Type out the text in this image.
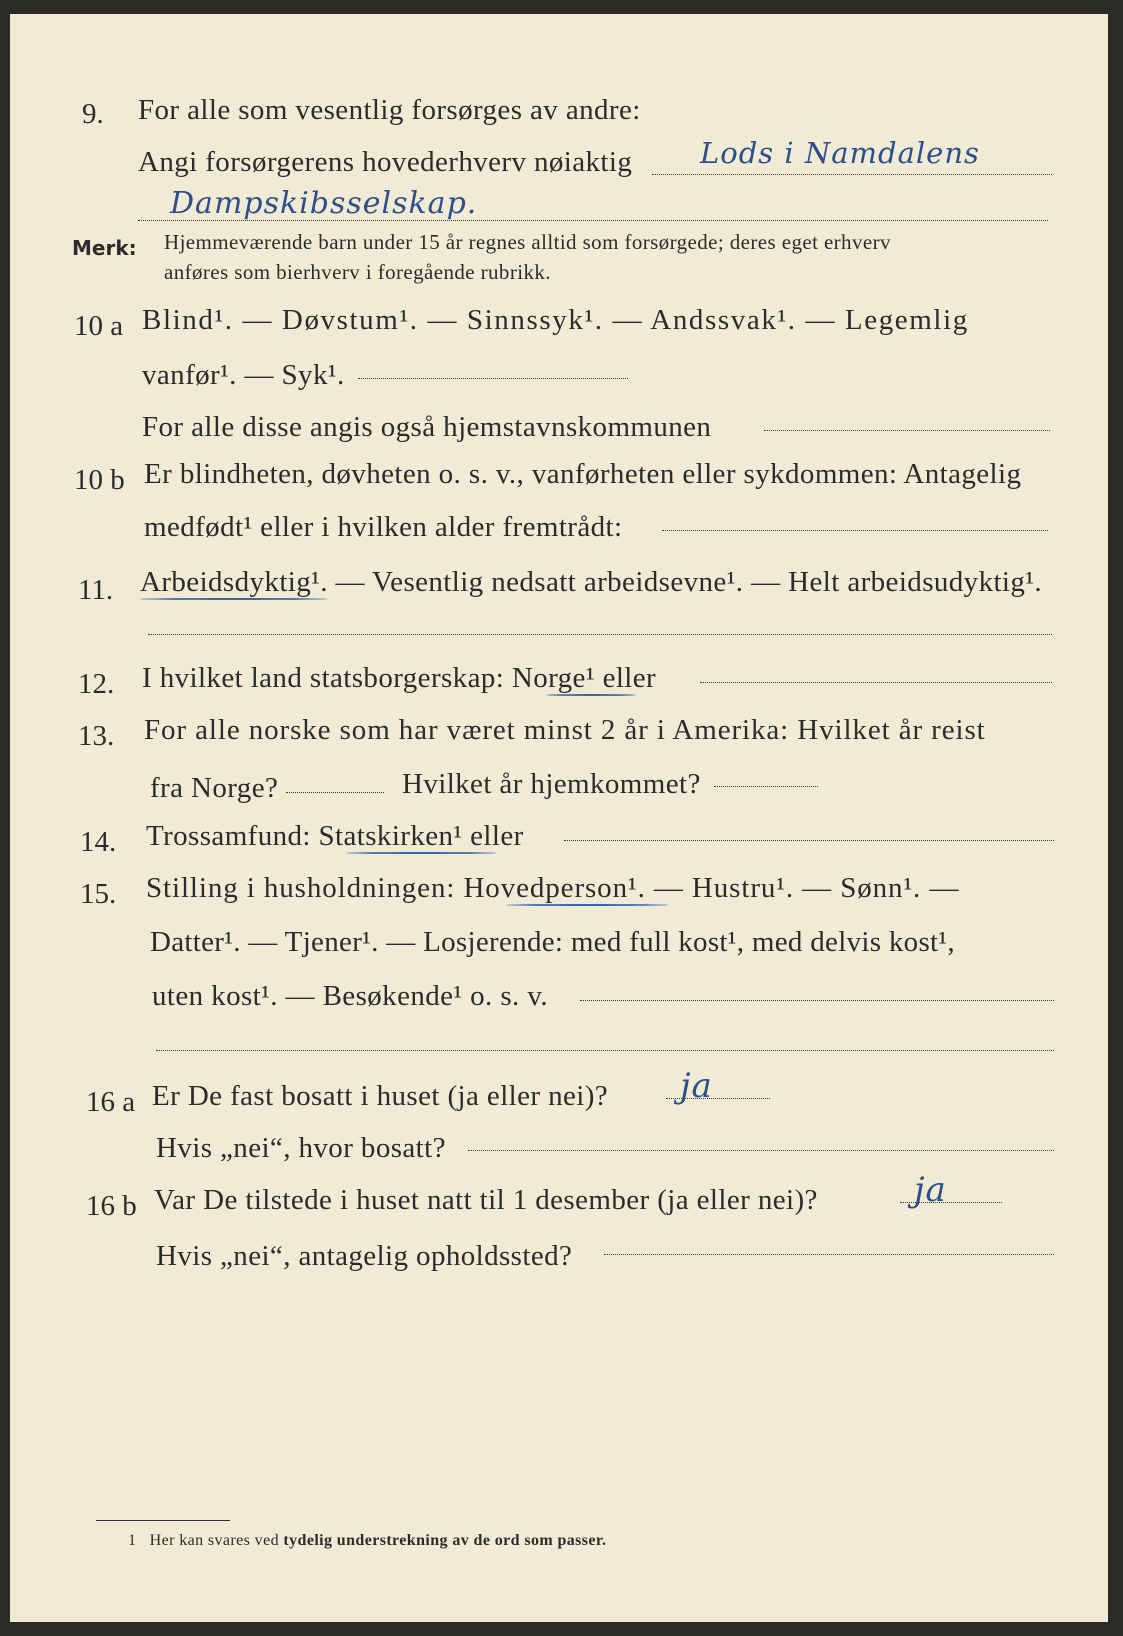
9. For alle som vesentlig forsørges av andre:
Angi forsørgerens hovederhverv nøiaktig Lods i Namdalens
Dampskibsselskap.
Merk: Hjemmeværende barn under 15 år regnes alltid som forsørgede; deres eget erhverv
anføres som bierhverv i foregående rubrikk.
10 a Blind¹. — Døvstum¹. — Sinnssyk¹. — Andssvak¹. — Legemlig
vanfør¹. — Syk¹.
For alle disse angis også hjemstavnskommunen
10 b Er blindheten, døvheten o. s. v., vanførheten eller sykdommen: Antagelig
medfødt¹ eller i hvilken alder fremtrådt:
11. Arbeidsdyktig¹. — Vesentlig nedsatt arbeidsevne¹. — Helt arbeidsudyktig¹.
12. I hvilket land statsborgerskap: Norge¹ eller
13. For alle norske som har været minst 2 år i Amerika: Hvilket år reist
fra Norge?	Hvilket år hjemkommet?
14. Trossamfund: Statskirken¹ eller
15. Stilling i husholdningen: Hovedperson¹. — Hustru¹. — Sønn¹. —
Datter¹. — Tjener¹. — Losjerende: med full kost¹, med delvis kost¹,
uten kost¹. — Besøkende¹ o. s. v.
16 a Er De fast bosatt i huset (ja eller nei)? ja
Hvis „nei“, hvor bosatt?
16 b Var De tilstede i huset natt til 1 desember (ja eller nei)?	ja
Hvis „nei“, antagelig opholdssted?
1 Her kan svares ved tydelig understrekning av de ord som passer.
